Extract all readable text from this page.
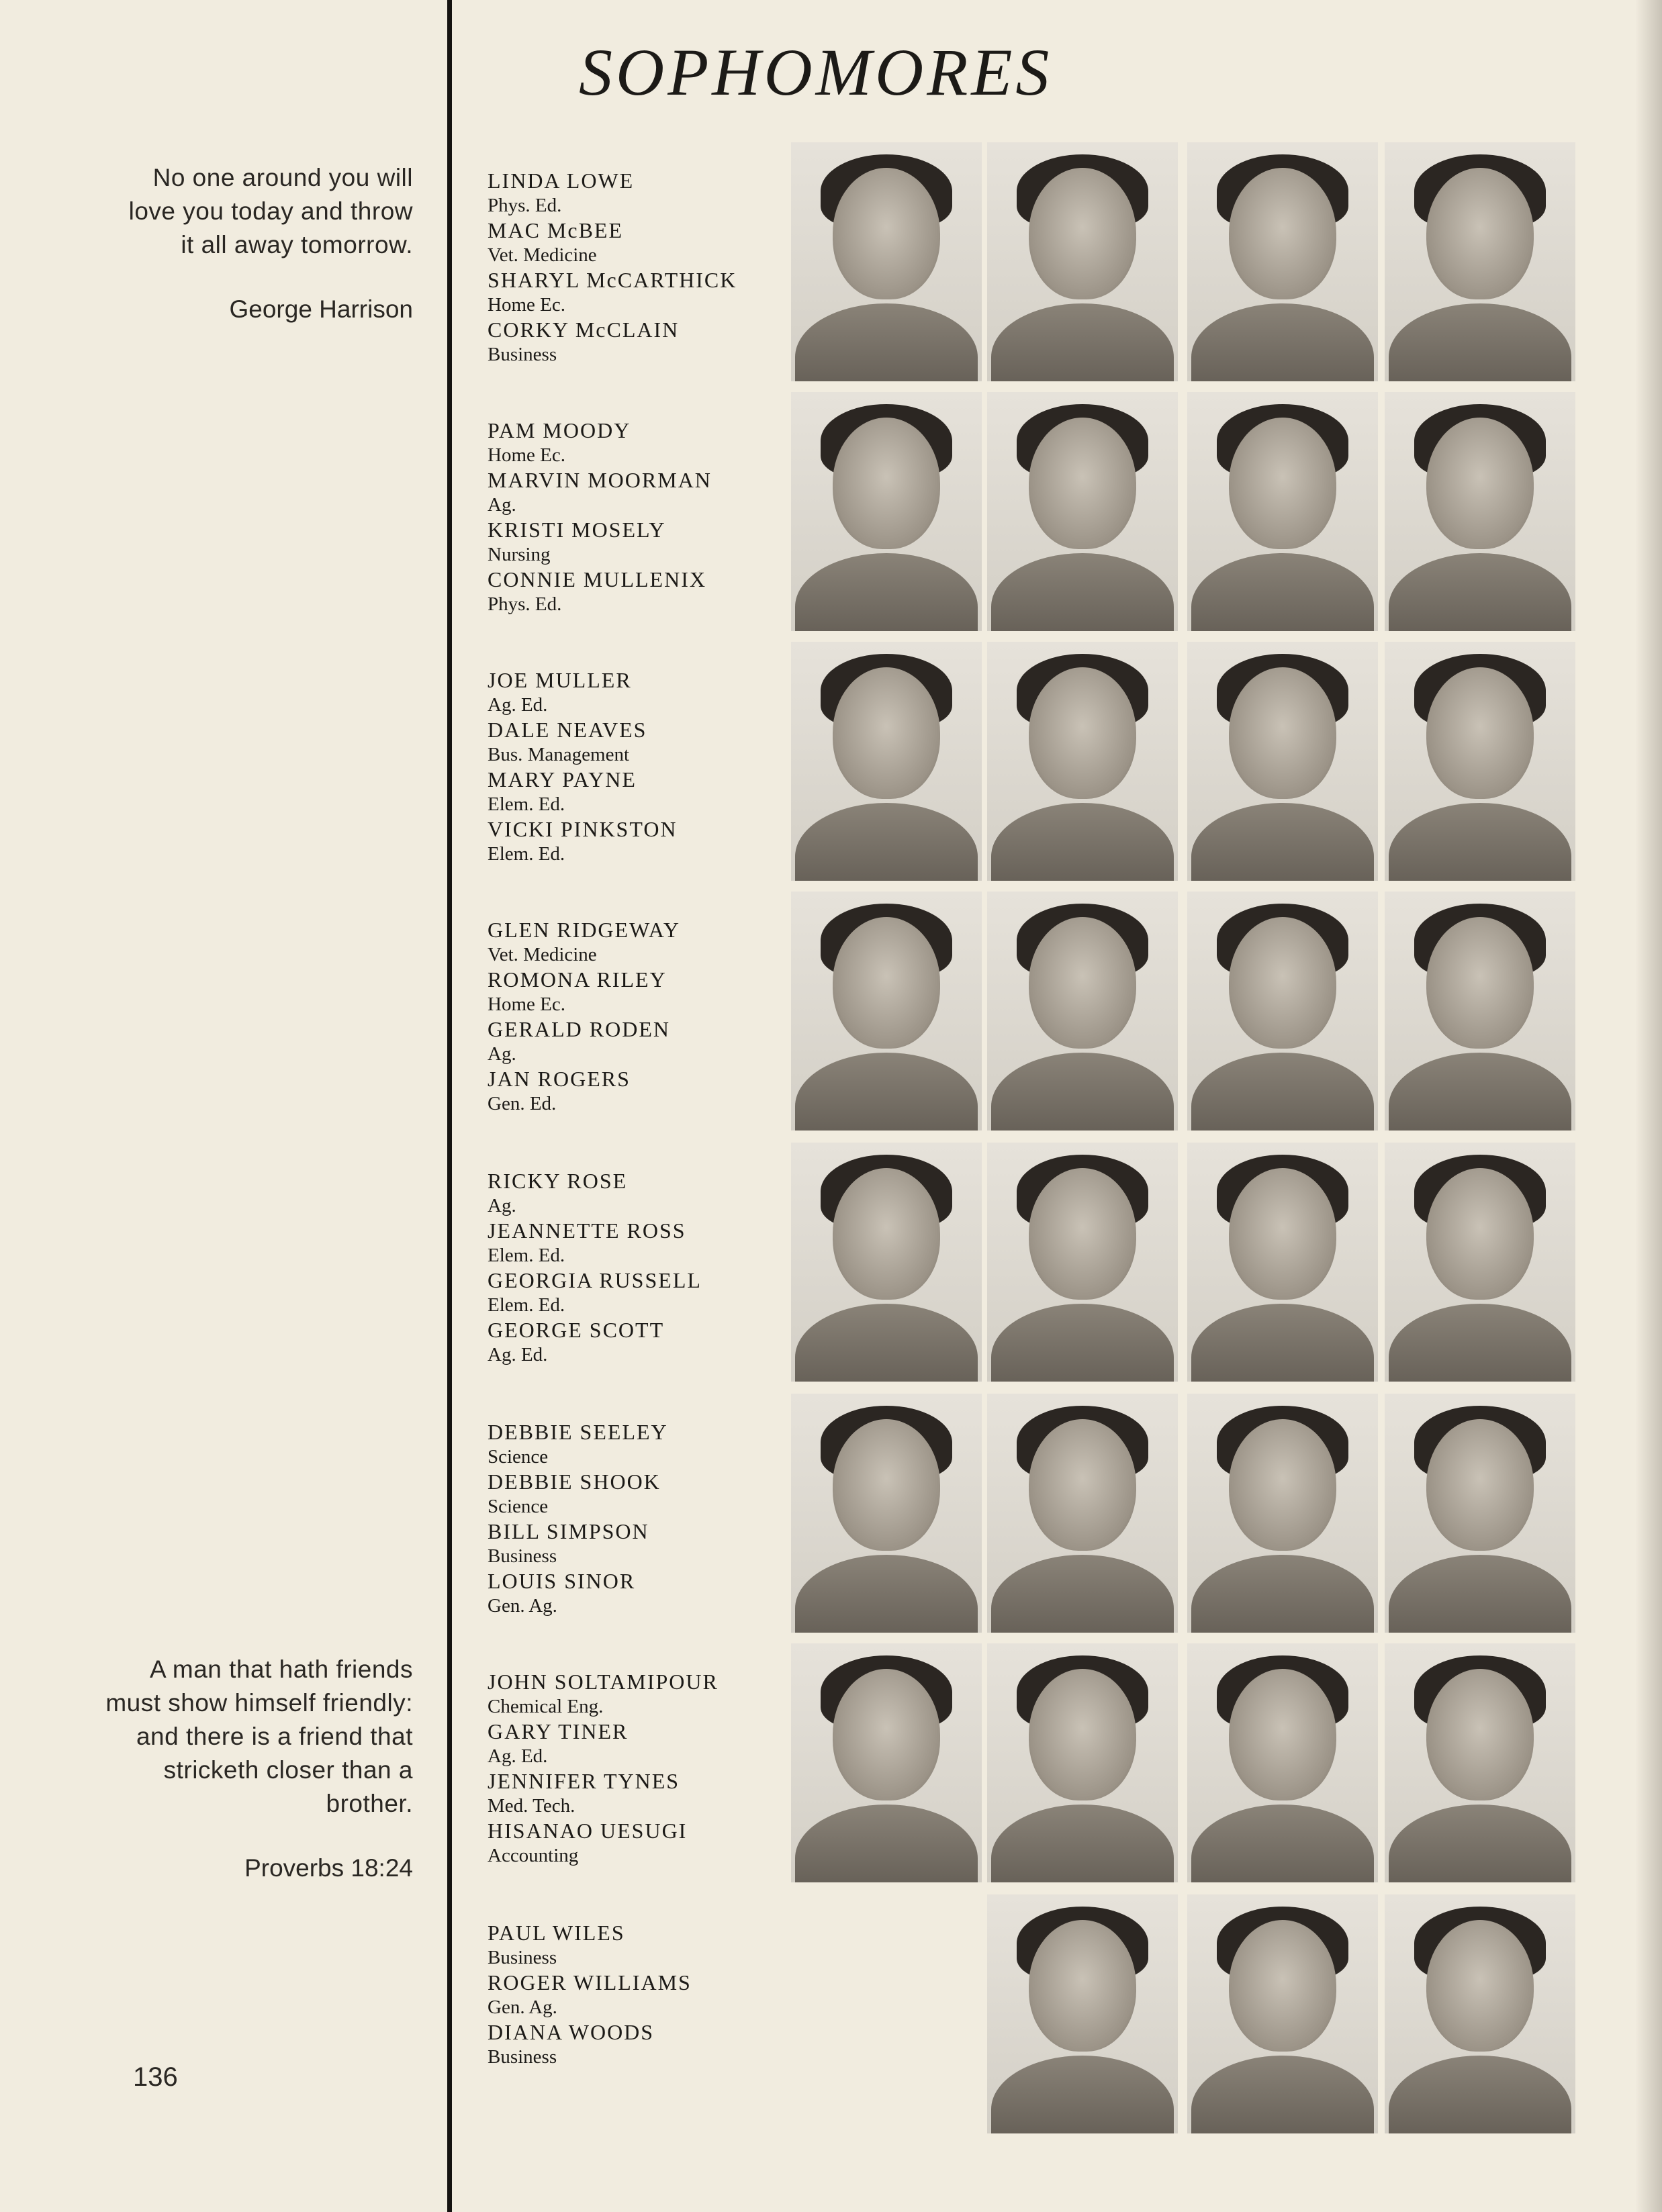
SOPHOMORES
No one around you will
love you today and throw
it all away tomorrow.
George Harrison
A man that hath friends
must show himself friendly:
and there is a friend that
stricketh closer than a
brother.
Proverbs 18:24
136
LINDA LOWE
Phys. Ed.
MAC McBEE
Vet. Medicine
SHARYL McCARTHICK
Home Ec.
CORKY McCLAIN
Business
PAM MOODY
Home Ec.
MARVIN MOORMAN
Ag.
KRISTI MOSELY
Nursing
CONNIE MULLENIX
Phys. Ed.
JOE MULLER
Ag. Ed.
DALE NEAVES
Bus. Management
MARY PAYNE
Elem. Ed.
VICKI PINKSTON
Elem. Ed.
GLEN RIDGEWAY
Vet. Medicine
ROMONA RILEY
Home Ec.
GERALD RODEN
Ag.
JAN ROGERS
Gen. Ed.
RICKY ROSE
Ag.
JEANNETTE ROSS
Elem. Ed.
GEORGIA RUSSELL
Elem. Ed.
GEORGE SCOTT
Ag. Ed.
DEBBIE SEELEY
Science
DEBBIE SHOOK
Science
BILL SIMPSON
Business
LOUIS SINOR
Gen. Ag.
JOHN SOLTAMIPOUR
Chemical Eng.
GARY TINER
Ag. Ed.
JENNIFER TYNES
Med. Tech.
HISANAO UESUGI
Accounting
PAUL WILES
Business
ROGER WILLIAMS
Gen. Ag.
DIANA WOODS
Business
